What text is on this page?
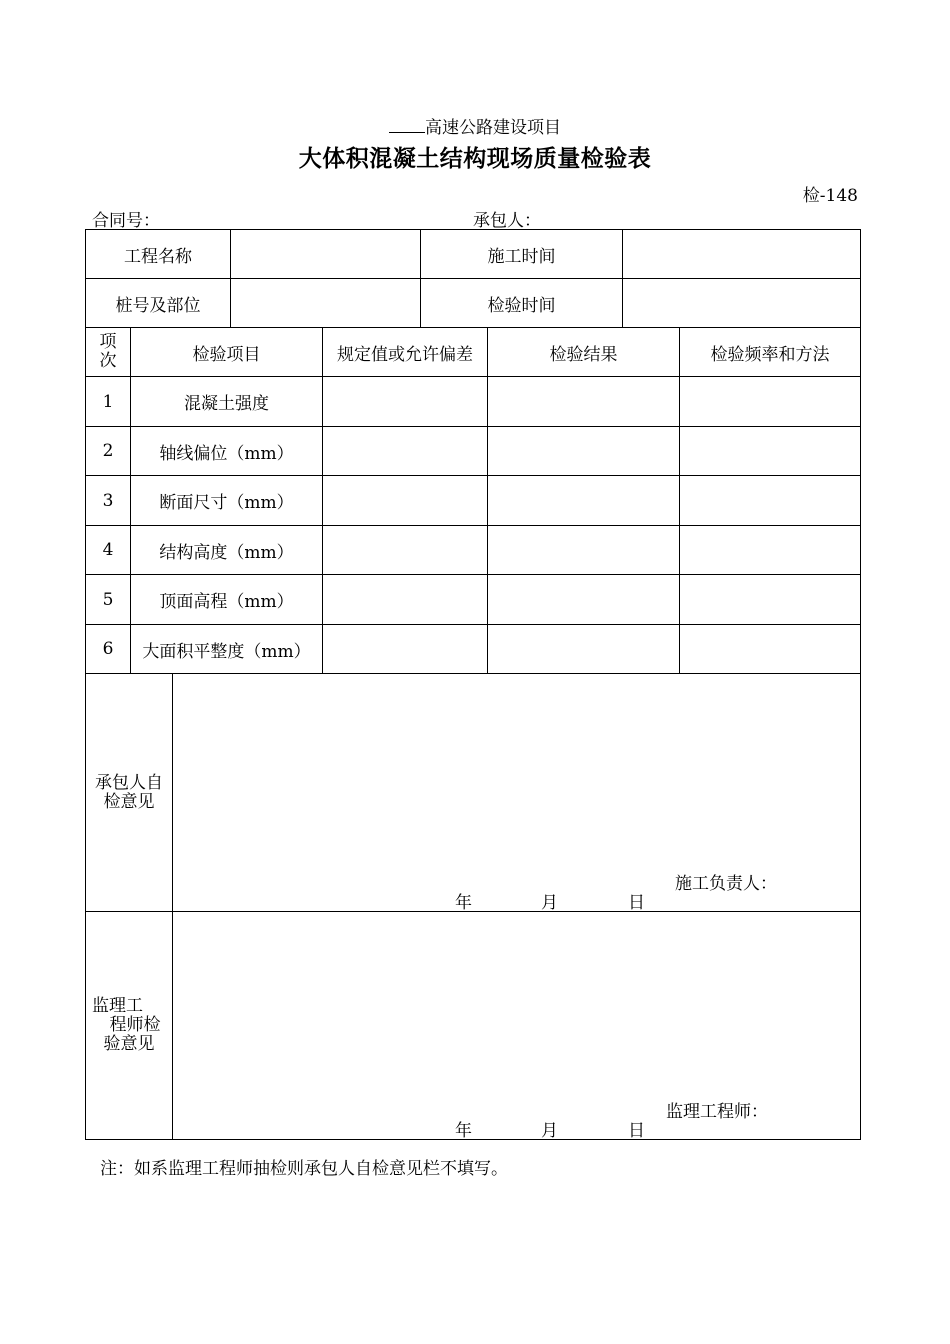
高速公路建设项目
大体积混凝土结构现场质量检验表
检-148
合同号：	承包人：
工程名称	施工时间
桩号及部位	检验时间
项
次	检验项目	规定值或允许偏差	检验结果	检验频率和方法
1	混凝土强度
2	轴线偏位（mm）
3	断面尺寸（mm）
4	结构高度（mm）
5	顶面高程（mm）
6	大面积平整度（mm）
承包人自
检意见
施工负责人：
年	月	日
监理工
程师检
验意见
监理工程师：
年	月	日
注：如系监理工程师抽检则承包人自检意见栏不填写。
